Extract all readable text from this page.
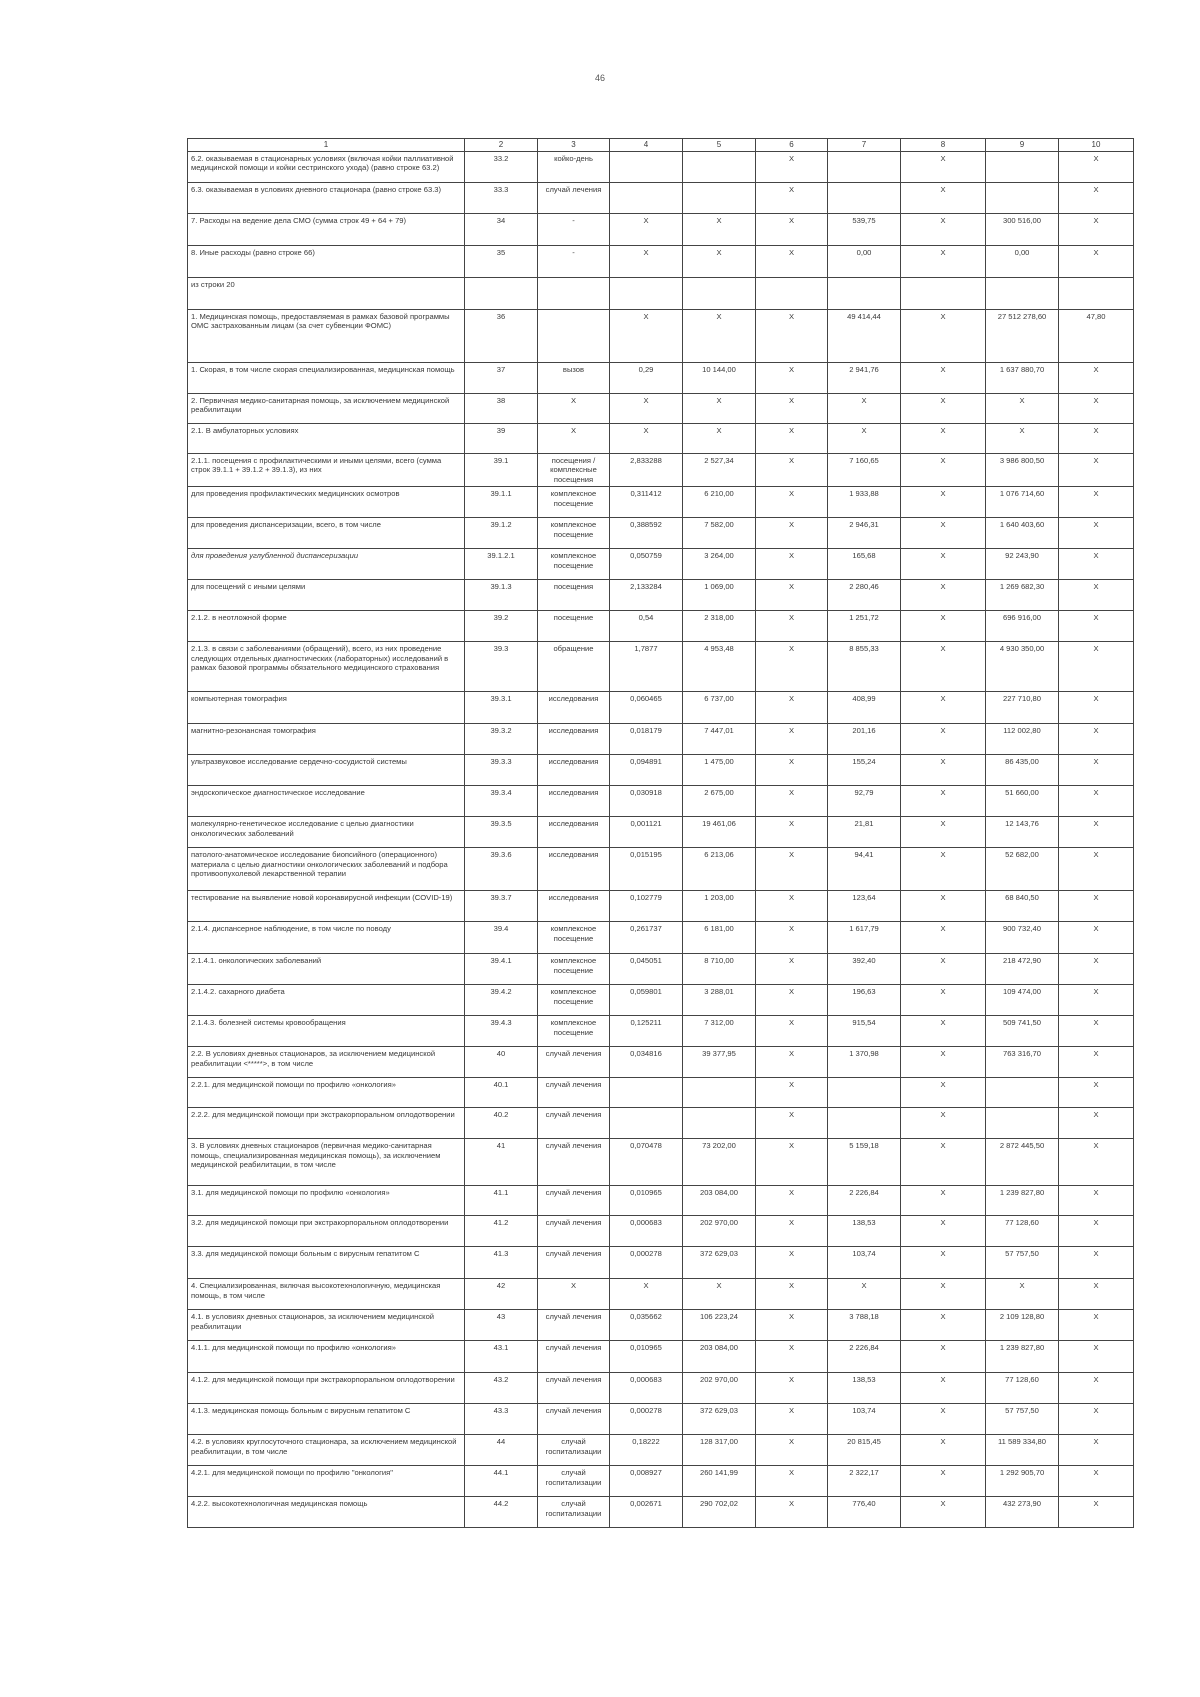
46
1	2	3	4	5	6	7	8	9	10
6.2. оказываемая в стационарных условиях (включая койки паллиативной медицинской помощи и койки сестринского ухода) (равно строке 63.2)	33.2	койко-день			Х		Х		Х
6.3. оказываемая в условиях дневного стационара (равно строке 63.3)	33.3	случай лечения			Х		Х		Х
7. Расходы на ведение дела СМО (сумма строк 49 + 64 + 79)	34	-	Х	Х	Х	539,75	Х	300 516,00	Х
8. Иные расходы (равно строке 66)	35	-	Х	Х	Х	0,00	Х	0,00	Х
из строки 20									
1. Медицинская помощь, предоставляемая в рамках базовой программы ОМС застрахованным лицам (за счет субвенции ФОМС)	36		Х	Х	Х	49 414,44	Х	27 512 278,60	47,80
1. Скорая, в том числе скорая специализированная, медицинская помощь	37	вызов	0,29	10 144,00	Х	2 941,76	Х	1 637 880,70	Х
2. Первичная медико-санитарная помощь, за исключением медицинской реабилитации	38	Х	Х	Х	Х	Х	Х	Х	Х
2.1. В амбулаторных условиях	39	Х	Х	Х	Х	Х	Х	Х	Х
2.1.1. посещения с профилактическими и иными целями, всего (сумма строк 39.1.1 + 39.1.2 + 39.1.3), из них	39.1	посещения / комплексные посещения	2,833288	2 527,34	Х	7 160,65	Х	3 986 800,50	Х
для проведения профилактических медицинских осмотров	39.1.1	комплексное посещение	0,311412	6 210,00	Х	1 933,88	Х	1 076 714,60	Х
для проведения диспансеризации, всего, в том числе	39.1.2	комплексное посещение	0,388592	7 582,00	Х	2 946,31	Х	1 640 403,60	Х
для проведения углубленной диспансеризации	39.1.2.1	комплексное посещение	0,050759	3 264,00	Х	165,68	Х	92 243,90	Х
для посещений с иными целями	39.1.3	посещения	2,133284	1 069,00	Х	2 280,46	Х	1 269 682,30	Х
2.1.2. в неотложной форме	39.2	посещение	0,54	2 318,00	Х	1 251,72	Х	696 916,00	Х
2.1.3. в связи с заболеваниями (обращений), всего, из них проведение следующих отдельных диагностических (лабораторных) исследований в рамках базовой программы обязательного медицинского страхования	39.3	обращение	1,7877	4 953,48	Х	8 855,33	Х	4 930 350,00	Х
компьютерная томография	39.3.1	исследования	0,060465	6 737,00	Х	408,99	Х	227 710,80	Х
магнитно-резонансная томография	39.3.2	исследования	0,018179	7 447,01	Х	201,16	Х	112 002,80	Х
ультразвуковое исследование сердечно-сосудистой системы	39.3.3	исследования	0,094891	1 475,00	Х	155,24	Х	86 435,00	Х
эндоскопическое диагностическое исследование	39.3.4	исследования	0,030918	2 675,00	Х	92,79	Х	51 660,00	Х
молекулярно-генетическое исследование с целью диагностики онкологических заболеваний	39.3.5	исследования	0,001121	19 461,06	Х	21,81	Х	12 143,76	Х
патолого-анатомическое исследование биопсийного (операционного) материала с целью диагностики онкологических заболеваний и подбора противоопухолевой лекарственной терапии	39.3.6	исследования	0,015195	6 213,06	Х	94,41	Х	52 682,00	Х
тестирование на выявление новой коронавирусной инфекции (COVID-19)	39.3.7	исследования	0,102779	1 203,00	Х	123,64	Х	68 840,50	Х
2.1.4. диспансерное наблюдение, в том числе по поводу	39.4	комплексное посещение	0,261737	6 181,00	Х	1 617,79	Х	900 732,40	Х
2.1.4.1. онкологических заболеваний	39.4.1	комплексное посещение	0,045051	8 710,00	Х	392,40	Х	218 472,90	Х
2.1.4.2. сахарного диабета	39.4.2	комплексное посещение	0,059801	3 288,01	Х	196,63	Х	109 474,00	Х
2.1.4.3. болезней системы кровообращения	39.4.3	комплексное посещение	0,125211	7 312,00	Х	915,54	Х	509 741,50	Х
2.2. В условиях дневных стационаров, за исключением медицинской реабилитации <*****>, в том числе	40	случай лечения	0,034816	39 377,95	Х	1 370,98	Х	763 316,70	Х
2.2.1. для медицинской помощи по профилю «онкология»	40.1	случай лечения			Х		Х		Х
2.2.2. для медицинской помощи при экстракорпоральном оплодотворении	40.2	случай лечения			Х		Х		Х
3. В условиях дневных стационаров (первичная медико-санитарная помощь, специализированная медицинская помощь), за исключением медицинской реабилитации, в том числе	41	случай лечения	0,070478	73 202,00	Х	5 159,18	Х	2 872 445,50	Х
3.1. для медицинской помощи по профилю «онкология»	41.1	случай лечения	0,010965	203 084,00	Х	2 226,84	Х	1 239 827,80	Х
3.2. для медицинской помощи при экстракорпоральном оплодотворении	41.2	случай лечения	0,000683	202 970,00	Х	138,53	Х	77 128,60	Х
3.3. для медицинской помощи больным с вирусным гепатитом С	41.3	случай лечения	0,000278	372 629,03	Х	103,74	Х	57 757,50	Х
4. Специализированная, включая высокотехнологичную, медицинская помощь, в том числе	42	Х	Х	Х	Х	Х	Х	Х	Х
4.1. в условиях дневных стационаров, за исключением медицинской реабилитации	43	случай лечения	0,035662	106 223,24	Х	3 788,18	Х	2 109 128,80	Х
4.1.1. для медицинской помощи по профилю «онкология»	43.1	случай лечения	0,010965	203 084,00	Х	2 226,84	Х	1 239 827,80	Х
4.1.2. для медицинской помощи при экстракорпоральном оплодотворении	43.2	случай лечения	0,000683	202 970,00	Х	138,53	Х	77 128,60	Х
4.1.3. медицинская помощь больным с вирусным гепатитом С	43.3	случай лечения	0,000278	372 629,03	Х	103,74	Х	57 757,50	Х
4.2. в условиях круглосуточного стационара, за исключением медицинской реабилитации, в том числе	44	случай госпитализации	0,18222	128 317,00	Х	20 815,45	Х	11 589 334,80	Х
4.2.1. для медицинской помощи по профилю "онкология"	44.1	случай госпитализации	0,008927	260 141,99	Х	2 322,17	Х	1 292 905,70	Х
4.2.2. высокотехнологичная медицинская помощь	44.2	случай госпитализации	0,002671	290 702,02	Х	776,40	Х	432 273,90	Х
